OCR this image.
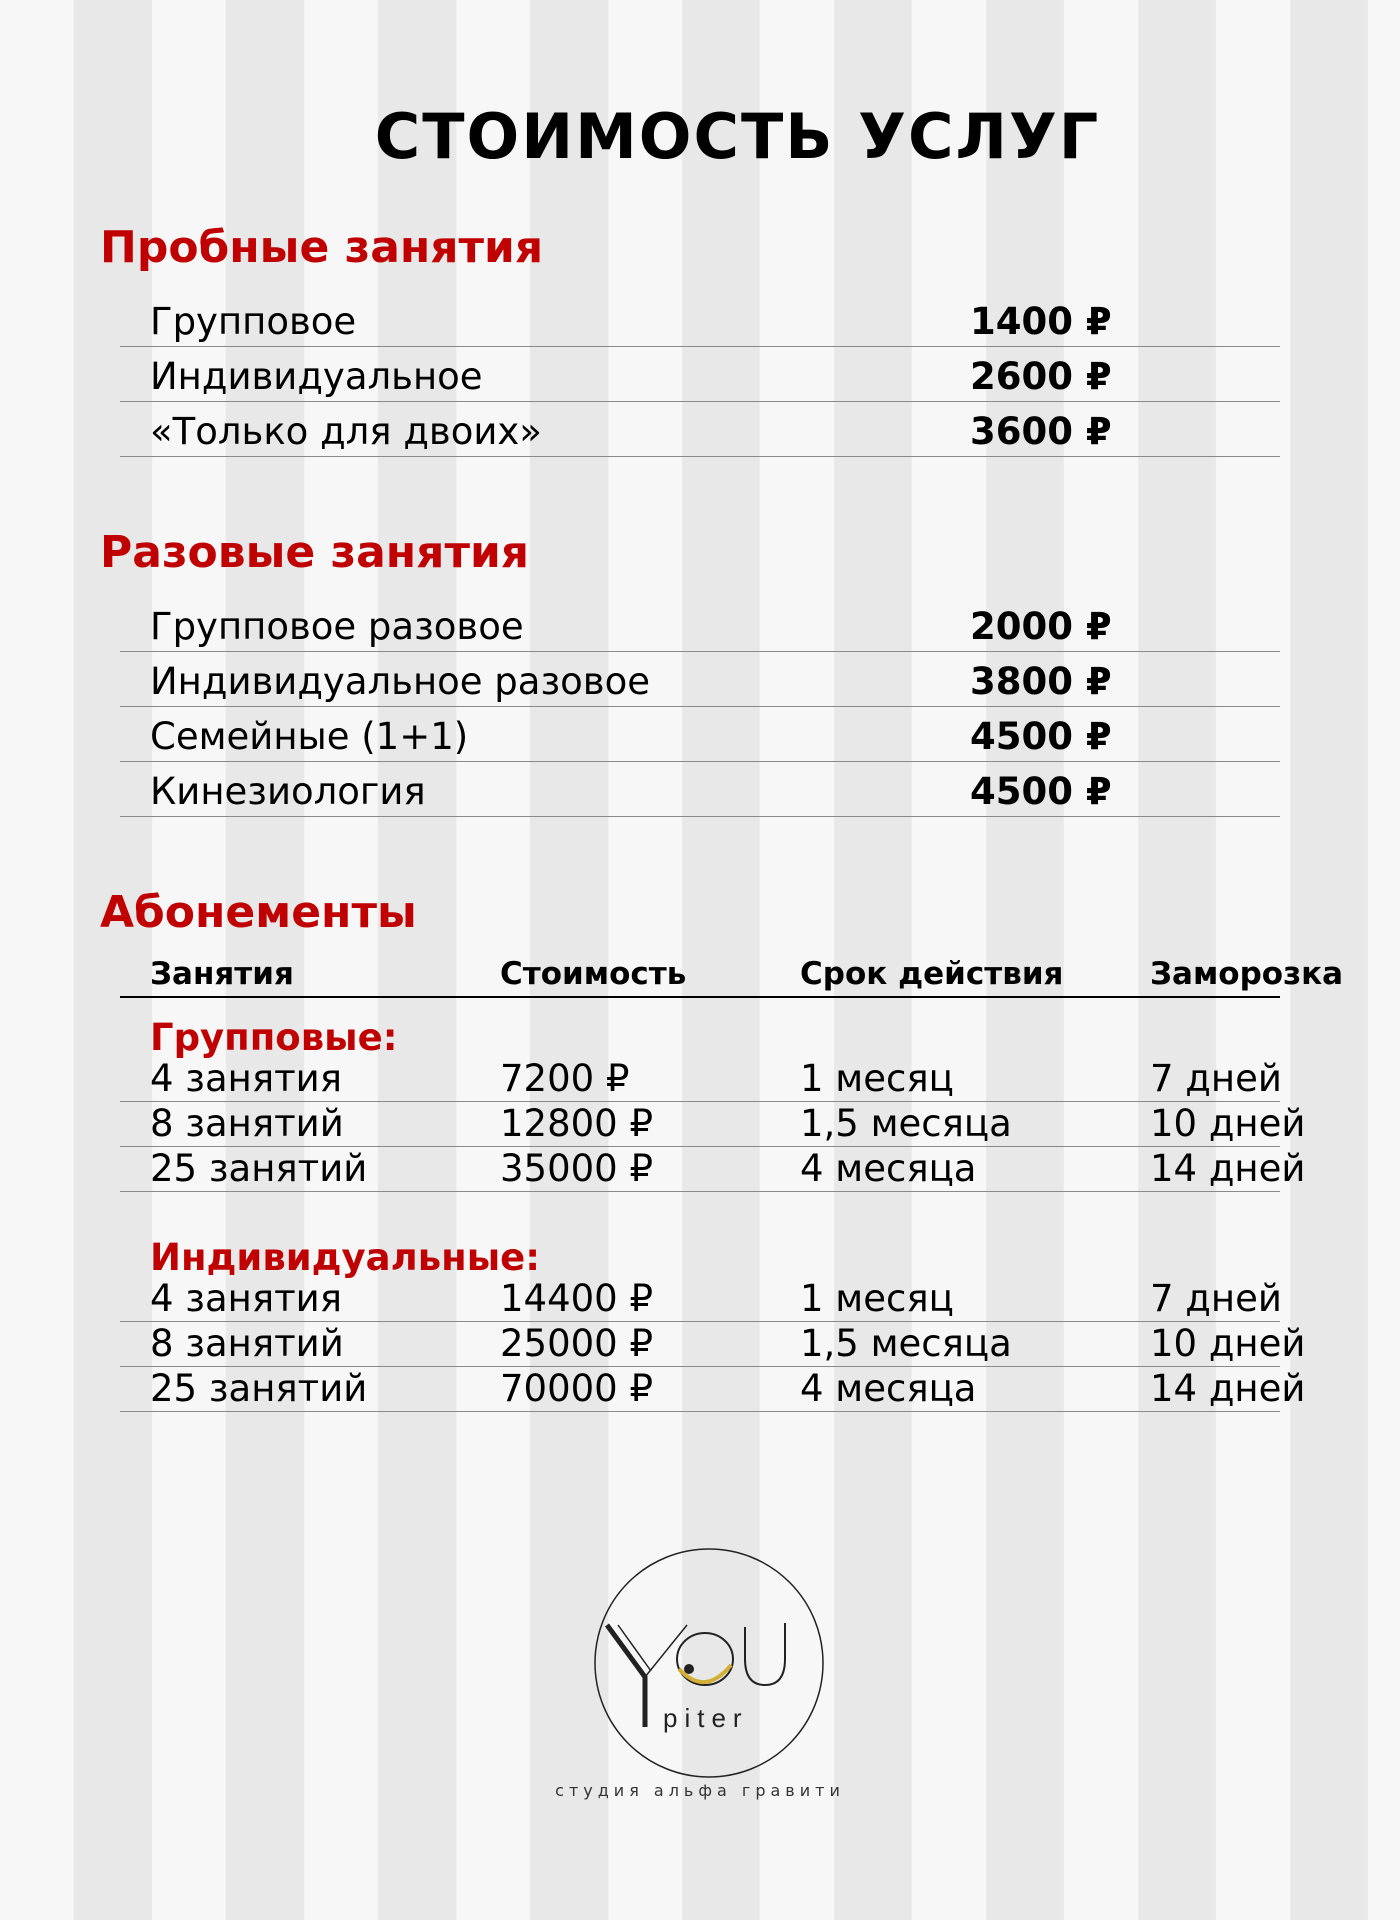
СТОИМОСТЬ УСЛУГ
Пробные занятия
Групповое	1400 ₽
Индивидуальное	2600 ₽
«Только для двоих»	3600 ₽
Разовые занятия
Групповое разовое	2000 ₽
Индивидуальное разовое	3800 ₽
Семейные (1+1)	4500 ₽
Кинезиология	4500 ₽
Абонементы
Занятия	Стоимость	Срок действия	Заморозка
Групповые:
4 занятия	7200 ₽	1 месяц	7 дней
8 занятий	12800 ₽	1,5 месяца	10 дней
25 занятий	35000 ₽	4 месяца	14 дней
Индивидуальные:
4 занятия	14400 ₽	1 месяц	7 дней
8 занятий	25000 ₽	1,5 месяца	10 дней
25 занятий	70000 ₽	4 месяца	14 дней
piter
студия альфа гравити
